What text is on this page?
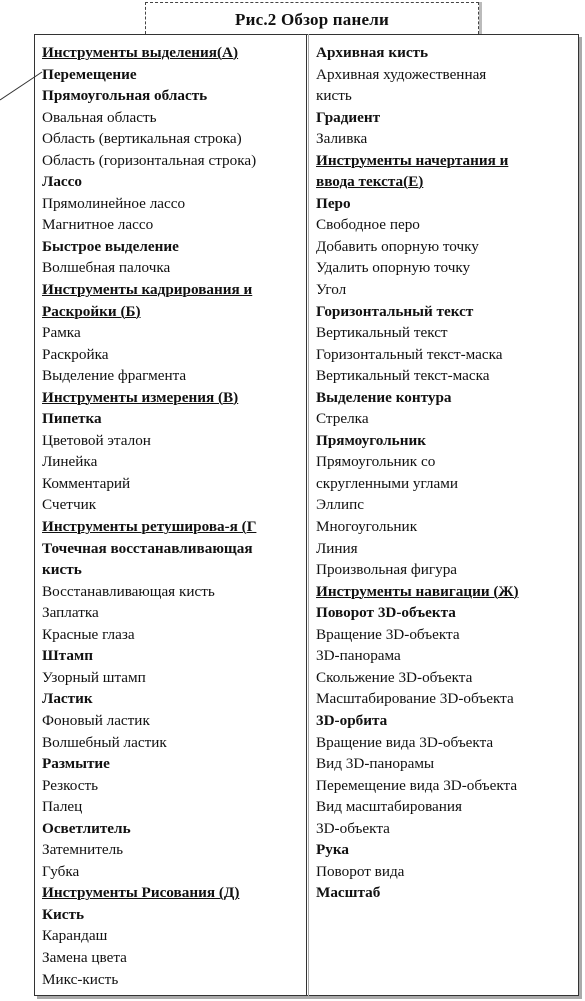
Рис.2 Обзор панели
Инструменты выделения(А)
Перемещение
Прямоугольная область
Овальная область
Область (вертикальная строка)
Область (горизонтальная строка)
Лассо
Прямолинейное лассо
Магнитное лассо
Быстрое выделение
Волшебная палочка
Инструменты кадрирования и
Раскройки (Б)
Рамка
Раскройка
Выделение фрагмента
Инструменты измерения (В)
Пипетка
Цветовой эталон
Линейка
Комментарий
Счетчик
Инструменты ретуширова-я (Г
Точечная восстанавливающая
кисть
Восстанавливающая кисть
Заплатка
Красные глаза
Штамп
Узорный штамп
Ластик
Фоновый ластик
Волшебный ластик
Размытие
Резкость
Палец
Осветлитель
Затемнитель
Губка
Инструменты Рисования (Д)
Кисть
Карандаш
Замена цвета
Микс-кисть
Архивная кисть
Архивная художественная
кисть
Градиент
Заливка
Инструменты начертания и
ввода текста(Е)
Перо
Свободное перо
Добавить опорную точку
Удалить опорную точку
Угол
Горизонтальный текст
Вертикальный текст
Горизонтальный текст-маска
Вертикальный текст-маска
Выделение контура
Стрелка
Прямоугольник
Прямоугольник со
скругленными углами
Эллипс
Многоугольник
Линия
Произвольная фигура
Инструменты навигации (Ж)
Поворот 3D-объекта
Вращение 3D-объекта
3D-панорама
Скольжение 3D-объекта
Масштабирование 3D-объекта
3D-орбита
Вращение вида 3D-объекта
Вид 3D-панорамы
Перемещение вида 3D-объекта
Вид масштабирования
3D-объекта
Рука
Поворот вида
Масштаб
